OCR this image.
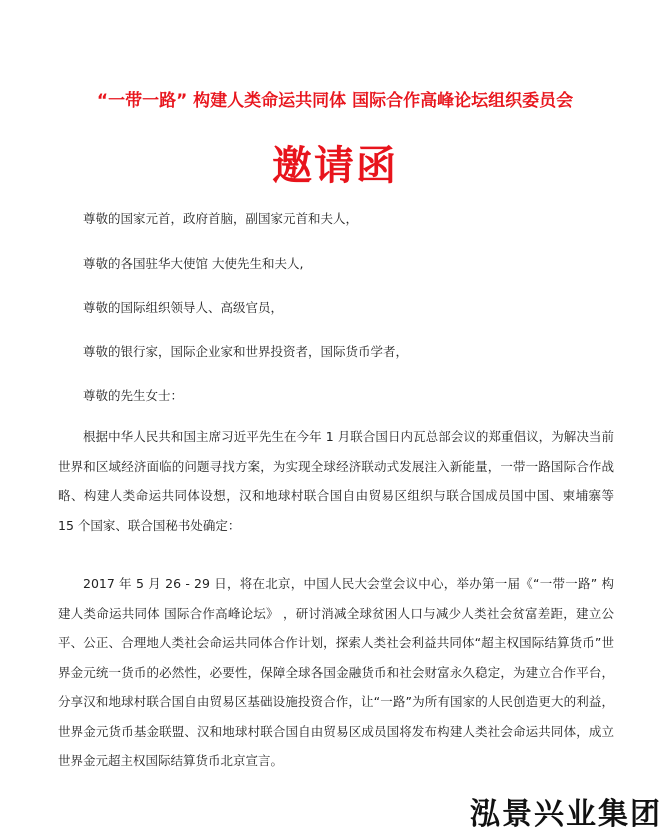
“一带一路” 构建人类命运共同体 国际合作高峰论坛组织委员会
邀请函
尊敬的国家元首，政府首脑，副国家元首和夫人，
尊敬的各国驻华大使馆 大使先生和夫人,
尊敬的国际组织领导人、高级官员，
尊敬的银行家，国际企业家和世界投资者，国际货币学者，
尊敬的先生女士：
根据中华人民共和国主席习近平先生在今年 1 月联合国日内瓦总部会议的郑重倡议，为解决当前世界和区域经济面临的问题寻找方案，为实现全球经济联动式发展注入新能量，一带一路国际合作战略、构建人类命运共同体设想，汉和地球村联合国自由贸易区组织与联合国成员国中国、柬埔寨等 15 个国家、联合国秘书处确定：
2017 年 5 月 26 - 29 日，将在北京，中国人民大会堂会议中心，举办第一届《“一带一路” 构建人类命运共同体 国际合作高峰论坛》 ，研讨消减全球贫困人口与减少人类社会贫富差距，建立公平、公正、合理地人类社会命运共同体合作计划，探索人类社会利益共同体“超主权国际结算货币”世界金元统一货币的必然性，必要性，保障全球各国金融货币和社会财富永久稳定，为建立合作平台，分享汉和地球村联合国自由贸易区基础设施投资合作，让“一路”为所有国家的人民创造更大的利益，世界金元货币基金联盟、汉和地球村联合国自由贸易区成员国将发布构建人类社会命运共同体，成立世界金元超主权国际结算货币北京宣言。
泓景兴业集团
